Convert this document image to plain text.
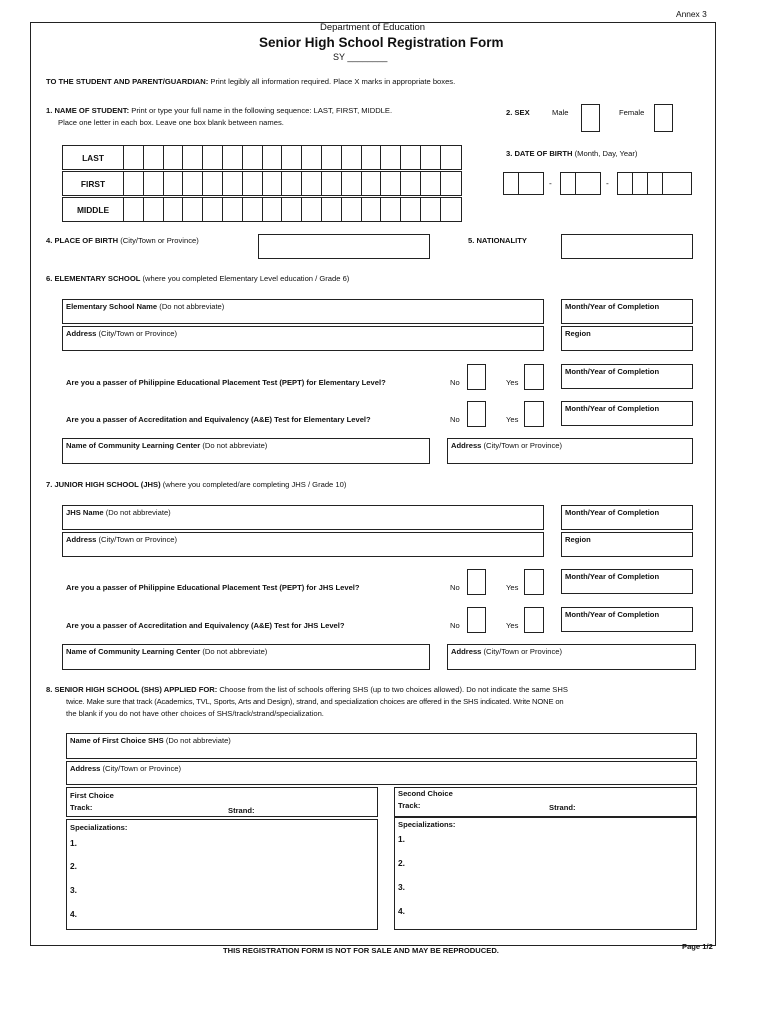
Annex 3
Department of Education
Senior High School Registration Form
SY ________
TO THE STUDENT AND PARENT/GUARDIAN: Print legibly all information required. Place X marks in appropriate boxes.
1. NAME OF STUDENT: Print or type your full name in the following sequence: LAST, FIRST, MIDDLE.
Place one letter in each box. Leave one box blank between names.
LAST
FIRST
MIDDLE
2. SEX	Male	Female
3. DATE OF BIRTH (Month, Day, Year)
-	-
4. PLACE OF BIRTH (City/Town or Province)	5. NATIONALITY
6. ELEMENTARY SCHOOL (where you completed Elementary Level education / Grade 6)
Elementary School Name (Do not abbreviate)	Month/Year of Completion
Address (City/Town or Province)	Region
Are you a passer of Philippine Educational Placement Test (PEPT) for Elementary Level?	No	Yes
Month/Year of Completion
Are you a passer of Accreditation and Equivalency (A&E) Test for Elementary Level?	No	Yes
Month/Year of Completion
Name of Community Learning Center (Do not abbreviate)	Address (City/Town or Province)
7. JUNIOR HIGH SCHOOL (JHS) (where you completed/are completing JHS / Grade 10)
JHS Name (Do not abbreviate)	Month/Year of Completion
Address (City/Town or Province)	Region
Are you a passer of Philippine Educational Placement Test (PEPT) for JHS Level?	No	Yes
Month/Year of Completion
Are you a passer of Accreditation and Equivalency (A&E) Test for JHS Level?	No	Yes
Month/Year of Completion
Name of Community Learning Center (Do not abbreviate)	Address (City/Town or Province)
8. SENIOR HIGH SCHOOL (SHS) APPLIED FOR: Choose from the list of schools offering SHS (up to two choices allowed). Do not indicate the same SHS
twice. Make sure that track (Academics, TVL, Sports, Arts and Design), strand, and specialization choices are offered in the SHS indicated. Write NONE on
the blank if you do not have other choices of SHS/track/strand/specialization.
Name of First Choice SHS (Do not abbreviate)
Address (City/Town or Province)
First Choice
Track:	Strand:
Second Choice
Track:	Strand:
Specializations:
1.
2.
3.
4.
Specializations:
1.
2.
3.
4.
THIS REGISTRATION FORM IS NOT FOR SALE AND MAY BE REPRODUCED.	Page 1/2
